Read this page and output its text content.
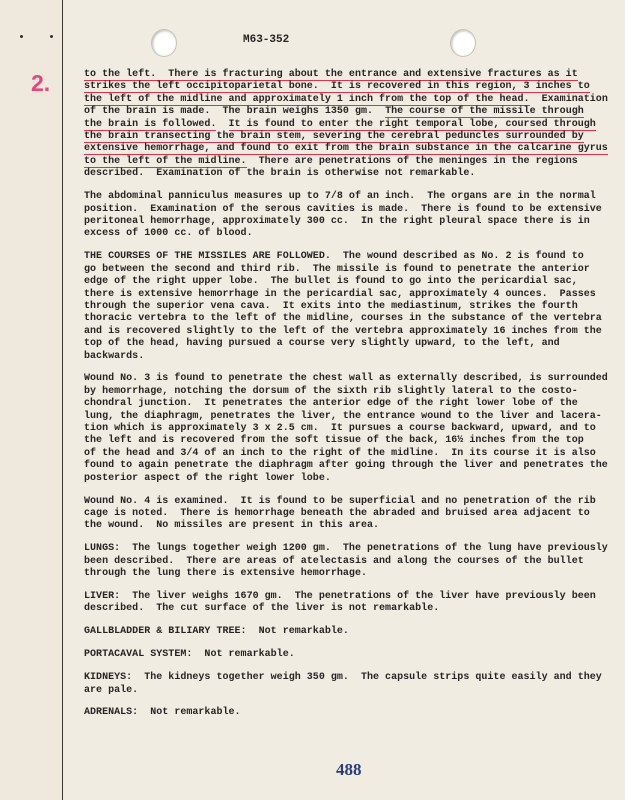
M63-352
2.	to the left.  There is fracturing about the entrance and extensive fractures as it
strikes the left occipitoparietal bone.  It is recovered in this region, 3 inches to
the left of the midline and approximately 1 inch from the top of the head.  Examination
of the brain is made.  The brain weighs 1350 gm.  The course of the missile through
the brain is followed. It is found to enter the right temporal lobe, coursed through
the brain transecting the brain stem, severing the cerebral peduncles surrounded by
extensive hemorrhage, and found to exit from the brain substance in the calcarine gyrus
to the left of the midline.  There are penetrations of the meninges in the regions
described.  Examination of the brain is otherwise not remarkable.
The abdominal panniculus measures up to 7/8 of an inch.  The organs are in the normal
position.  Examination of the serous cavities is made.  There is found to be extensive
peritoneal hemorrhage, approximately 300 cc.  In the right pleural space there is in
excess of 1000 cc. of blood.
THE COURSES OF THE MISSILES ARE FOLLOWED.  The wound described as No. 2 is found to
go between the second and third rib.  The missile is found to penetrate the anterior
edge of the right upper lobe.  The bullet is found to go into the pericardial sac,
there is extensive hemorrhage in the pericardial sac, approximately 4 ounces.  Passes
through the superior vena cava.  It exits into the mediastinum, strikes the fourth
thoracic vertebra to the left of the midline, courses in the substance of the vertebra
and is recovered slightly to the left of the vertebra approximately 16 inches from the
top of the head, having pursued a course very slightly upward, to the left, and
backwards.
Wound No. 3 is found to penetrate the chest wall as externally described, is surrounded
by hemorrhage, notching the dorsum of the sixth rib slightly lateral to the costo-
chondral junction.  It penetrates the anterior edge of the right lower lobe of the
lung, the diaphragm, penetrates the liver, the entrance wound to the liver and lacera-
tion which is approximately 3 x 2.5 cm.  It pursues a course backward, upward, and to
the left and is recovered from the soft tissue of the back, 16½ inches from the top
of the head and 3/4 of an inch to the right of the midline.  In its course it is also
found to again penetrate the diaphragm after going through the liver and penetrates the
posterior aspect of the right lower lobe.
Wound No. 4 is examined.  It is found to be superficial and no penetration of the rib
cage is noted.  There is hemorrhage beneath the abraded and bruised area adjacent to
the wound.  No missiles are present in this area.
LUNGS:  The lungs together weigh 1200 gm.  The penetrations of the lung have previously
been described.  There are areas of atelectasis and along the courses of the bullet
through the lung there is extensive hemorrhage.
LIVER:  The liver weighs 1670 gm.  The penetrations of the liver have previously been
described.  The cut surface of the liver is not remarkable.
GALLBLADDER & BILIARY TREE:  Not remarkable.
PORTACAVAL SYSTEM:  Not remarkable.
KIDNEYS:  The kidneys together weigh 350 gm.  The capsule strips quite easily and they
are pale.
ADRENALS:  Not remarkable.
488
